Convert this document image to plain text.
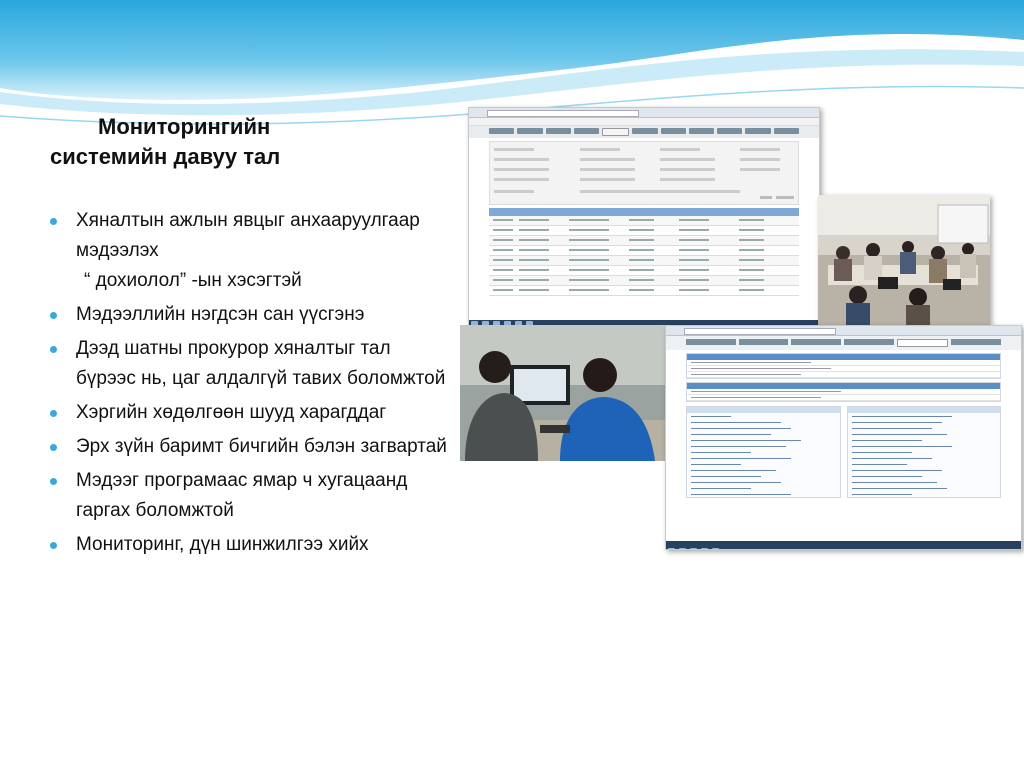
Мониторингийн
системийн давуу тал
Хяналтын ажлын явцыг анхааруулгаар мэдээлэх
“ дохиолол” -ын хэсэгтэй
Мэдээллийн нэгдсэн сан үүсгэнэ
Дээд шатны прокурор хяналтыг тал бүрээс нь, цаг алдалгүй тавих боломжтой
Хэргийн хөдөлгөөн шууд харагддаг
Эрх зүйн баримт бичгийн бэлэн загвартай
Мэдээг програмаас ямар ч хугацаанд гаргах боломжтой
Мониторинг, дүн шинжилгээ хийх
